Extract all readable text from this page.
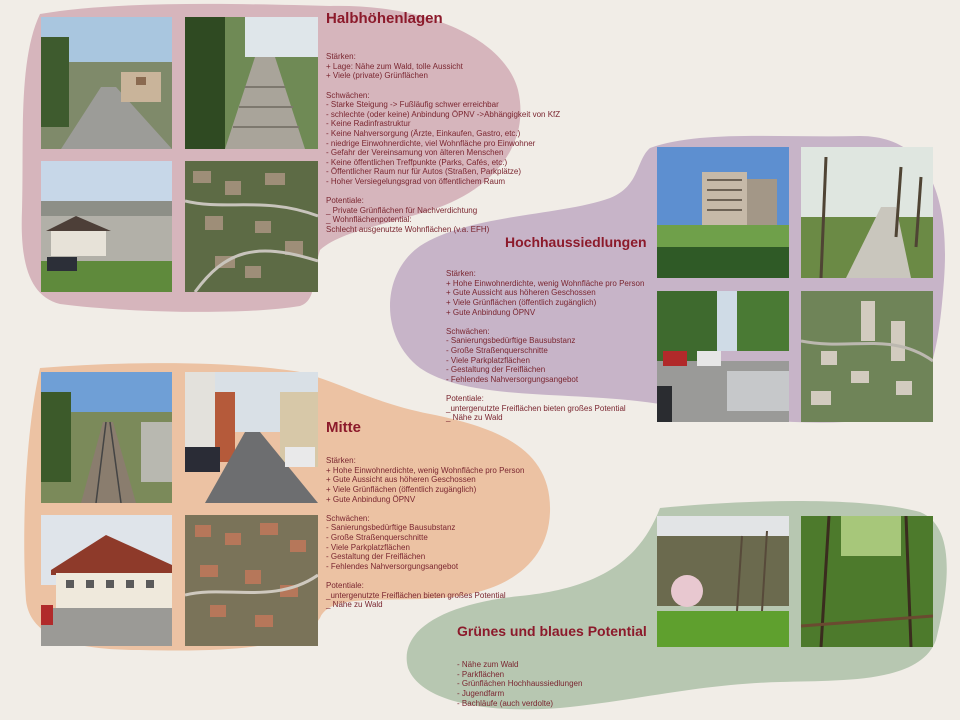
Halbhöhenlagen

Stärken:
+ Lage: Nähe zum Wald, tolle Aussicht
+ Viele (private) Grünflächen
Schwächen:
- Starke Steigung -> Fußläufig schwer erreichbar
- schlechte (oder keine) Anbindung ÖPNV ->Abhängigkeit von KfZ
- Keine Radinfrastruktur
- Keine Nahversorgung (Ärzte, Einkaufen, Gastro, etc.)
- niedrige Einwohnerdichte, viel Wohnfläche pro Einwohner
- Gefahr der Vereinsamung von älteren Menschen
- Keine öffentlichen Treffpunkte (Parks, Cafés, etc.)
- Öffentlicher Raum nur für Autos (Straßen, Parkplätze)
- Hoher Versiegelungsgrad von öffentlichem Raum
Potentiale:
_ Private Grünflächen für Nachverdichtung
_ Wohnflächenpotential:
Schlecht ausgenutzte Wohnflächen (v.a. EFH)

Hochhaussiedlungen

Stärken:
+ Hohe Einwohnerdichte, wenig Wohnfläche pro Person
+ Gute Aussicht aus höheren Geschossen
+ Viele Grünflächen (öffentlich zugänglich)
+ Gute Anbindung ÖPNV
Schwächen:
- Sanierungsbedürftige Bausubstanz
- Große Straßenquerschnitte
- Viele Parkplatzflächen
- Gestaltung der Freiflächen
- Fehlendes Nahversorgungsangebot
Potentiale:
_untergenutzte Freiflächen bieten großes Potential
_ Nähe zu Wald

Mitte

Stärken:
+ Hohe Einwohnerdichte, wenig Wohnfläche pro Person
+ Gute Aussicht aus höheren Geschossen
+ Viele Grünflächen (öffentlich zugänglich)
+ Gute Anbindung ÖPNV
Schwächen:
- Sanierungsbedürftige Bausubstanz
- Große Straßenquerschnitte
- Viele Parkplatzflächen
- Gestaltung der Freiflächen
- Fehlendes Nahversorgungsangebot
Potentiale:
_untergenutzte Freiflächen bieten großes Potential
_ Nähe zu Wald

Grünes und blaues Potential

- Nähe zum Wald
- Parkflächen
- Grünflächen Hochhaussiedlungen
- Jugendfarm
- Bachläufe (auch verdolte)
